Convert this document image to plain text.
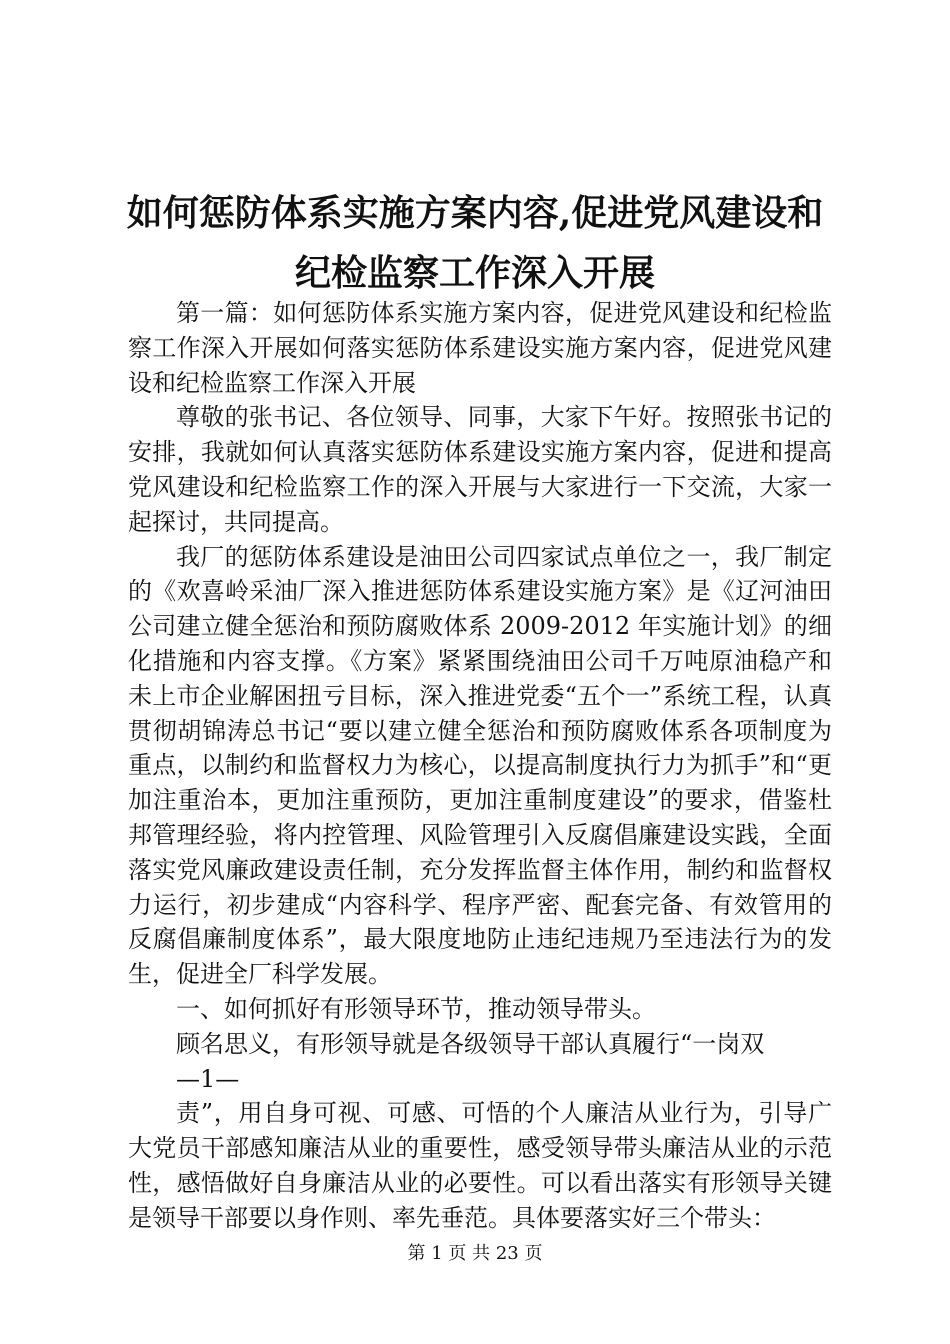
如何惩防体系实施方案内容,促进党风建设和
纪检监察工作深入开展

第一篇：如何惩防体系实施方案内容，促进党风建设和纪检监察工作深入开展如何落实惩防体系建设实施方案内容，促进党风建设和纪检监察工作深入开展

尊敬的张书记、各位领导、同事，大家下午好。按照张书记的安排，我就如何认真落实惩防体系建设实施方案内容，促进和提高党风建设和纪检监察工作的深入开展与大家进行一下交流，大家一起探讨，共同提高。

我厂的惩防体系建设是油田公司四家试点单位之一，我厂制定的《欢喜岭采油厂深入推进惩防体系建设实施方案》是《辽河油田公司建立健全惩治和预防腐败体系 2009-2012 年实施计划》的细化措施和内容支撑。《方案》紧紧围绕油田公司千万吨原油稳产和未上市企业解困扭亏目标，深入推进党委“五个一”系统工程，认真贯彻胡锦涛总书记“要以建立健全惩治和预防腐败体系各项制度为重点，以制约和监督权力为核心，以提高制度执行力为抓手”和“更加注重治本，更加注重预防，更加注重制度建设”的要求，借鉴杜邦管理经验，将内控管理、风险管理引入反腐倡廉建设实践，全面落实党风廉政建设责任制，充分发挥监督主体作用，制约和监督权力运行，初步建成“内容科学、程序严密、配套完备、有效管用的反腐倡廉制度体系”，最大限度地防止违纪违规乃至违法行为的发生，促进全厂科学发展。

一、如何抓好有形领导环节，推动领导带头。

顾名思义，有形领导就是各级领导干部认真履行“一岗双

—1—

责”，用自身可视、可感、可悟的个人廉洁从业行为，引导广大党员干部感知廉洁从业的重要性，感受领导带头廉洁从业的示范性，感悟做好自身廉洁从业的必要性。可以看出落实有形领导关键是领导干部要以身作则、率先垂范。具体要落实好三个带头：

第 1 页 共 23 页
